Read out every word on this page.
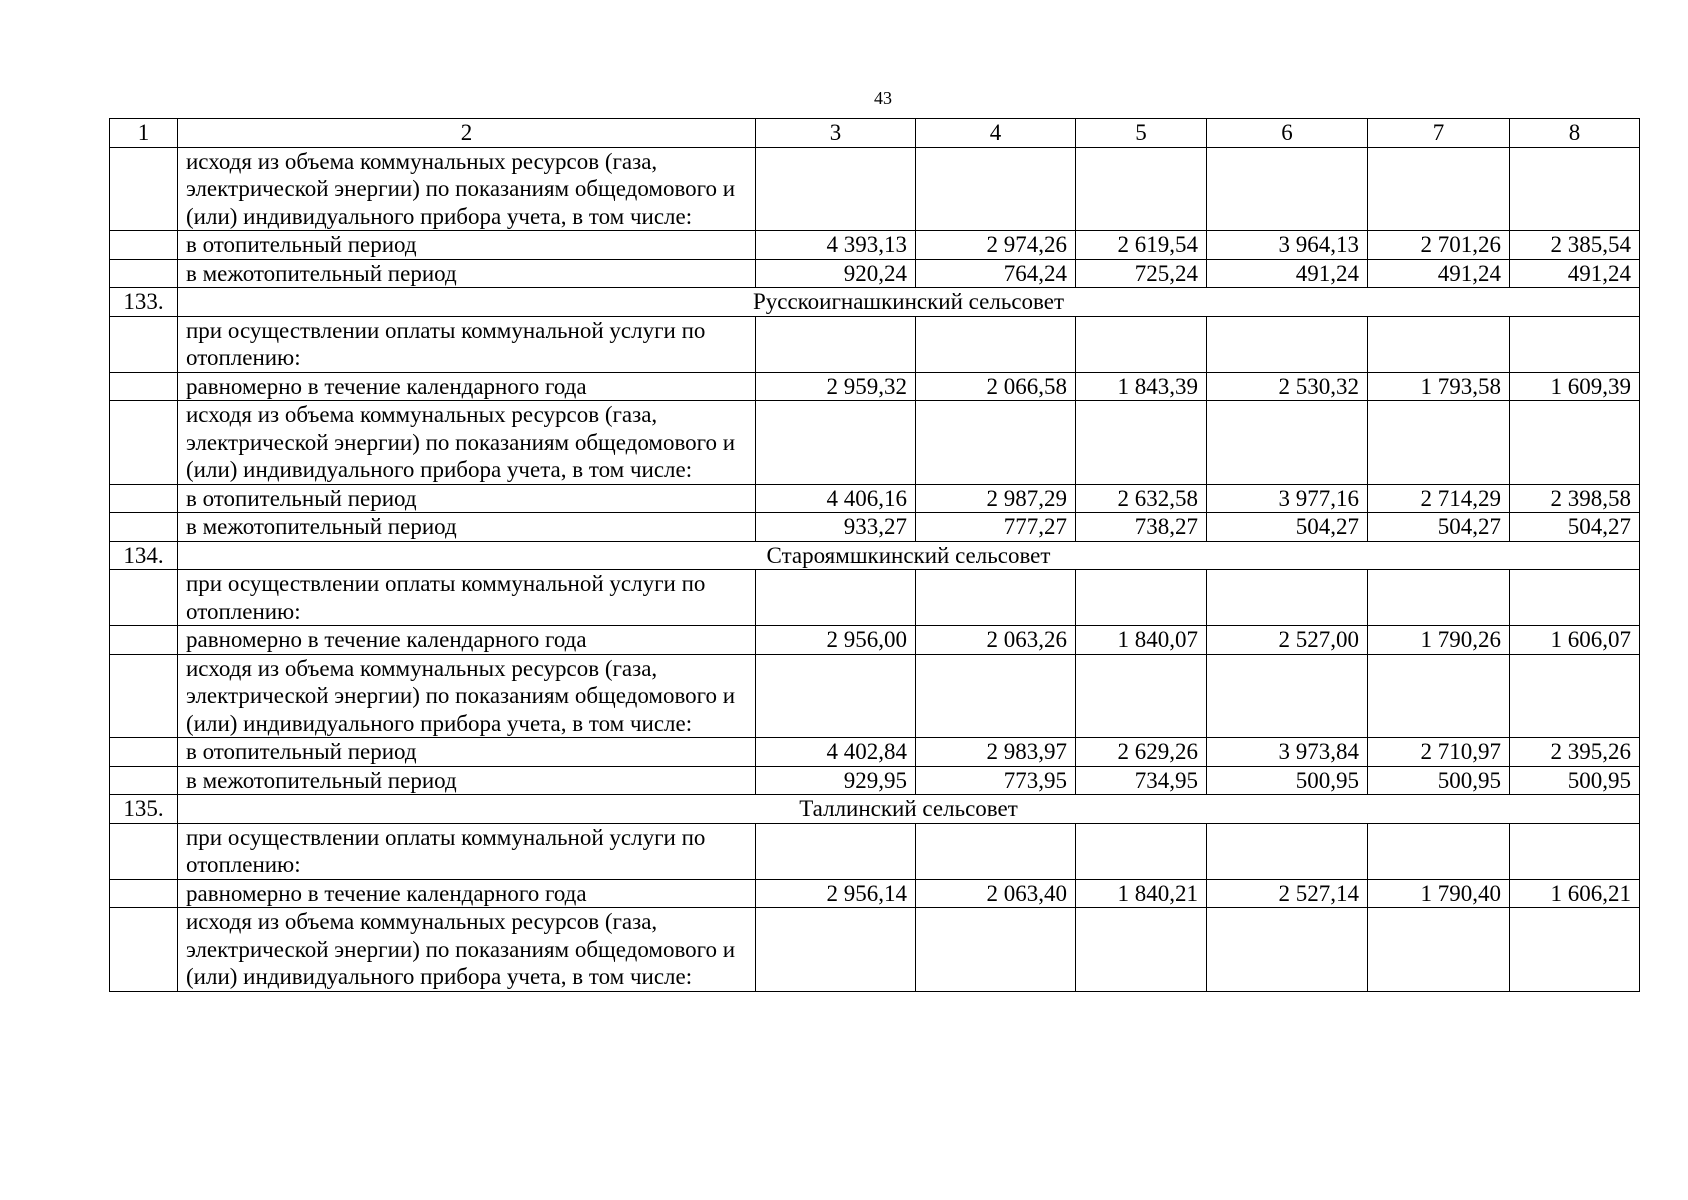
43
1	2	3	4	5	6	7	8
	исходя из объема коммунальных ресурсов (газа, электрической энергии) по показаниям общедомового и (или) индивидуального прибора учета, в том числе:						
	в отопительный период	4 393,13	2 974,26	2 619,54	3 964,13	2 701,26	2 385,54
	в межотопительный период	920,24	764,24	725,24	491,24	491,24	491,24
133.	Русскоигнашкинский сельсовет						
	при осуществлении оплаты коммунальной услуги по отоплению:						
	равномерно в течение календарного года	2 959,32	2 066,58	1 843,39	2 530,32	1 793,58	1 609,39
	исходя из объема коммунальных ресурсов (газа, электрической энергии) по показаниям общедомового и (или) индивидуального прибора учета, в том числе:						
	в отопительный период	4 406,16	2 987,29	2 632,58	3 977,16	2 714,29	2 398,58
	в межотопительный период	933,27	777,27	738,27	504,27	504,27	504,27
134.	Староямшкинский сельсовет						
	при осуществлении оплаты коммунальной услуги по отоплению:						
	равномерно в течение календарного года	2 956,00	2 063,26	1 840,07	2 527,00	1 790,26	1 606,07
	исходя из объема коммунальных ресурсов (газа, электрической энергии) по показаниям общедомового и (или) индивидуального прибора учета, в том числе:						
	в отопительный период	4 402,84	2 983,97	2 629,26	3 973,84	2 710,97	2 395,26
	в межотопительный период	929,95	773,95	734,95	500,95	500,95	500,95
135.	Таллинский сельсовет						
	при осуществлении оплаты коммунальной услуги по отоплению:						
	равномерно в течение календарного года	2 956,14	2 063,40	1 840,21	2 527,14	1 790,40	1 606,21
	исходя из объема коммунальных ресурсов (газа, электрической энергии) по показаниям общедомового и (или) индивидуального прибора учета, в том числе:						
